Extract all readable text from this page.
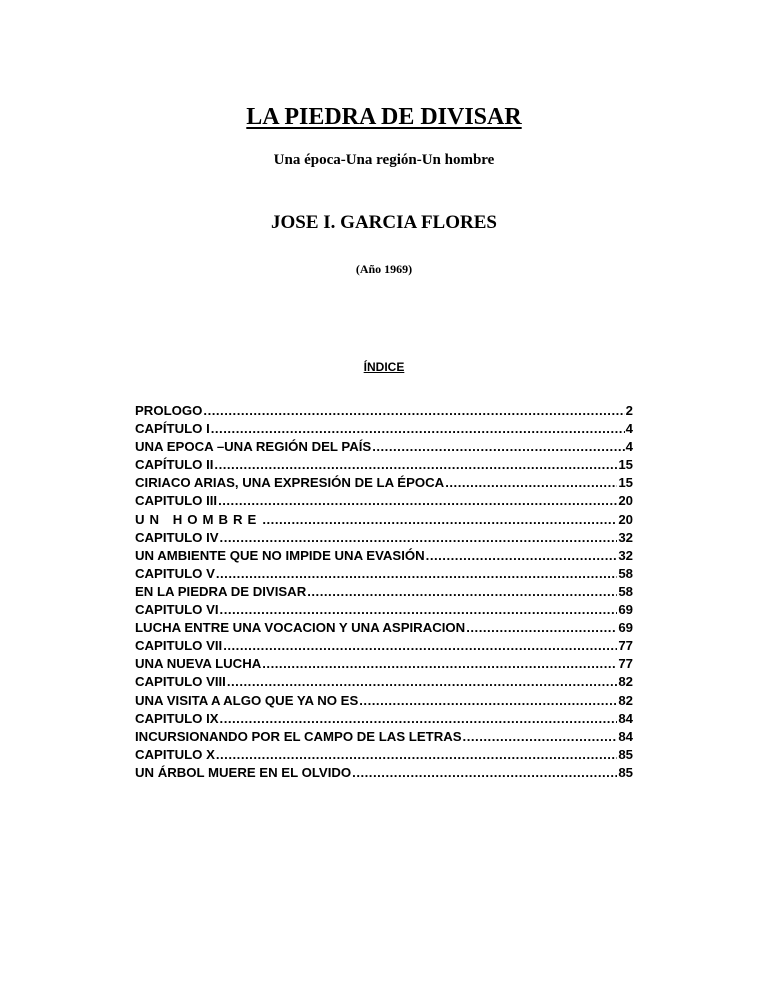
LA PIEDRA DE DIVISAR

Una época-Una región-Un hombre

JOSE I. GARCIA FLORES

(Año 1969)

ÍNDICE

PROLOGO .....	2
CAPÍTULO I .....	4
UNA EPOCA –UNA REGIÓN DEL PAÍS .....	4
CAPÍTULO II .....	15
CIRIACO ARIAS, UNA EXPRESIÓN DE LA ÉPOCA .....	15
CAPITULO III .....	20
UN HOMBRE .....	20
CAPITULO IV .....	32
UN AMBIENTE QUE NO IMPIDE UNA EVASIÓN .....	32
CAPITULO V .....	58
EN LA PIEDRA DE DIVISAR .....	58
CAPITULO VI .....	69
LUCHA ENTRE UNA VOCACION Y UNA ASPIRACION .....	69
CAPITULO VII .....	77
UNA NUEVA LUCHA .....	77
CAPITULO VIII .....	82
UNA VISITA A ALGO QUE YA NO ES .....	82
CAPITULO IX .....	84
INCURSIONANDO POR EL CAMPO DE LAS LETRAS .....	84
CAPITULO X .....	85
UN ÁRBOL MUERE EN EL OLVIDO .....	85
